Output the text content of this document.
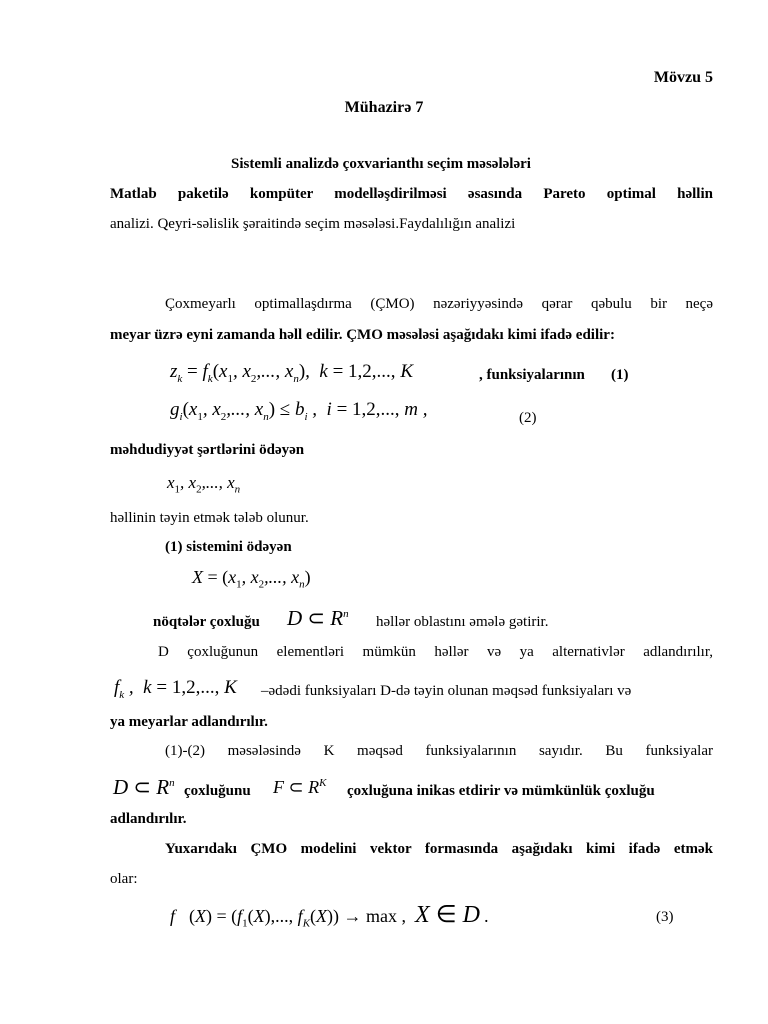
Mövzu 5
Mühazirə 7
Sistemli analizdə çoxvarianthı seçim məsələləri
Matlab paketilə kompüter modelləşdirilməsi əsasında Pareto optimal həllin
analizi. Qeyri-səlislik şəraitində seçim məsələsi.Faydalılığın analizi
Çoxmeyarlı optimallaşdırma (ÇMO) nəzəriyyəsində qərar qəbulu bir neçə
meyar üzrə eyni zamanda həll edilir. ÇMO məsələsi aşağıdakı kimi ifadə edilir:
$z_k = f_k(x_1$, $x_2$,..., $x_n$),  k = 1,2,..., K	, funksiyalarının (1)
$g_i(x_1$, $x_2$,..., $x_n) \le b_i$ ,  i = 1,2,..., m ,	(2)
məhdudiyyət şərtlərini ödəyən
$x_1$, $x_2$,..., $x_n$
həllinin təyin etmək tələb olunur.
(1) sistemini ödəyən
$X = (x_1$, $x_2$,..., $x_n$)
nöqtələr çoxluğu D ⊂ $R^n$ həllər oblastını əmələ gətirir.
D çoxluğunun elementləri mümkün həllər və ya alternativlər adlandırılır,
$f_k$ ,  k = 1,2,..., K –ədədi funksiyaları D-də təyin olunan məqsəd funksiyaları və
ya meyarlar adlandırılır.
(1)-(2) məsələsində K məqsəd funksiyalarının sayıdır. Bu funksiyalar
D ⊂ $R^n$ çoxluğunu F ⊂ $R^K$ çoxluğuna inikas etdirir və mümkünlük çoxluğu
adlandırılır.
Yuxarıdakı ÇMO modelini vektor formasında aşağıdakı kimi ifadə etmək
olar:
f⃗(X) = ($f_1(X)$,..., $f_K(X)) \to \max$ , X ∈ D .	(3)
